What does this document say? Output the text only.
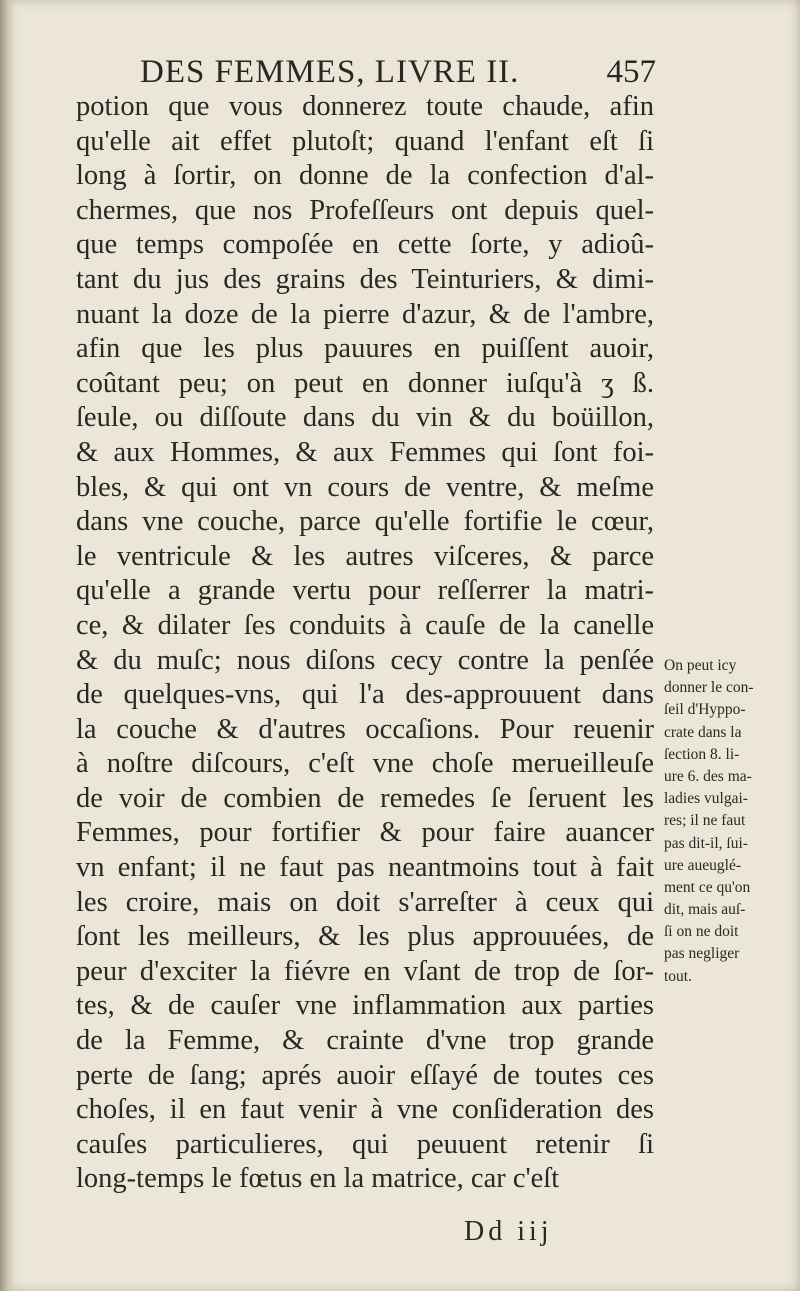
DES FEMMES, LIVRE II.	457
potion que vous donnerez toute chaude, afin
qu'elle ait effet plutoſt; quand l'enfant eſt ſi
long à ſortir, on donne de la confection d'al-
chermes, que nos Profeſſeurs ont depuis quel-
que temps compoſée en cette ſorte, y adioû-
tant du jus des grains des Teinturiers, & dimi-
nuant la doze de la pierre d'azur, & de l'ambre,
afin que les plus pauures en puiſſent auoir,
coûtant peu; on peut en donner iuſqu'à ʒ ß.
ſeule, ou diſſoute dans du vin & du boüillon,
& aux Hommes, & aux Femmes qui ſont foi-
bles, & qui ont vn cours de ventre, & meſme
dans vne couche, parce qu'elle fortifie le cœur,
le ventricule & les autres viſceres, & parce
qu'elle a grande vertu pour reſſerrer la matri-
ce, & dilater ſes conduits à cauſe de la canelle
& du muſc; nous diſons cecy contre la penſée
de quelques-vns, qui l'a des-approuuent dans
la couche & d'autres occaſions. Pour reuenir
à noſtre diſcours, c'eſt vne choſe merueilleuſe
de voir de combien de remedes ſe ſeruent les
Femmes, pour fortifier & pour faire auancer
vn enfant; il ne faut pas neantmoins tout à fait
les croire, mais on doit s'arreſter à ceux qui
ſont les meilleurs, & les plus approuuées, de
peur d'exciter la fiévre en vſant de trop de ſor-
tes, & de cauſer vne inflammation aux parties
de la Femme, & crainte d'vne trop grande
perte de ſang; aprés auoir eſſayé de toutes ces
choſes, il en faut venir à vne conſideration des
cauſes particulieres, qui peuuent retenir ſi
long-temps le fœtus en la matrice, car c'eſt
On peut icy
donner le con-
ſeil d'Hyppo-
crate dans la
ſection 8. li-
ure 6. des ma-
ladies vulgai-
res; il ne faut
pas dit-il, ſui-
ure aueuglé-
ment ce qu'on
dit, mais auſ-
ſi on ne doit
pas negliger
tout.
Dd iij
